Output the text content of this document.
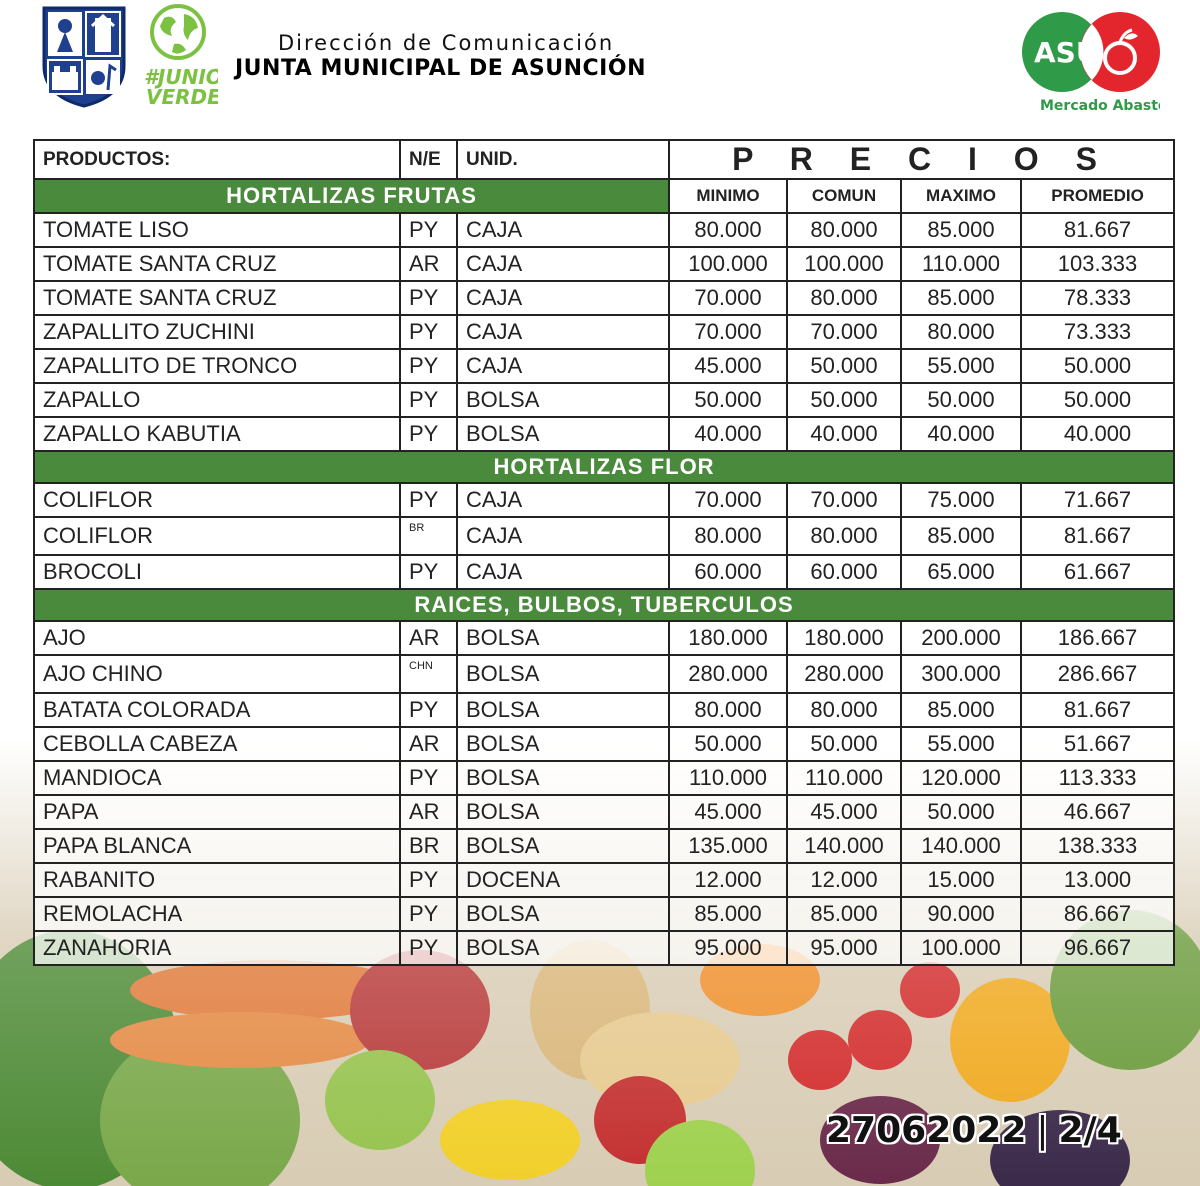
#JUNIO
VERDE
Dirección de Comunicación
JUNTA MUNICIPAL DE ASUNCIÓN	ASU
Mercado Abasto
PRODUCTOS:	N/E	UNID.	P R E C I O S			
HORTALIZAS FRUTAS			MINIMO	COMUN	MAXIMO	PROMEDIO
TOMATE LISO	PY	CAJA	80.000	80.000	85.000	81.667
TOMATE SANTA CRUZ	AR	CAJA	100.000	100.000	110.000	103.333
TOMATE SANTA CRUZ	PY	CAJA	70.000	80.000	85.000	78.333
ZAPALLITO ZUCHINI	PY	CAJA	70.000	70.000	80.000	73.333
ZAPALLITO DE TRONCO	PY	CAJA	45.000	50.000	55.000	50.000
ZAPALLO	PY	BOLSA	50.000	50.000	50.000	50.000
ZAPALLO KABUTIA	PY	BOLSA	40.000	40.000	40.000	40.000
HORTALIZAS FLOR						
COLIFLOR	PY	CAJA	70.000	70.000	75.000	71.667
COLIFLOR	BR	CAJA	80.000	80.000	85.000	81.667
BROCOLI	PY	CAJA	60.000	60.000	65.000	61.667
RAICES, BULBOS, TUBERCULOS						
AJO	AR	BOLSA	180.000	180.000	200.000	186.667
AJO CHINO	CHN	BOLSA	280.000	280.000	300.000	286.667
BATATA COLORADA	PY	BOLSA	80.000	80.000	85.000	81.667
CEBOLLA CABEZA	AR	BOLSA	50.000	50.000	55.000	51.667
MANDIOCA	PY	BOLSA	110.000	110.000	120.000	113.333
PAPA	AR	BOLSA	45.000	45.000	50.000	46.667
PAPA BLANCA	BR	BOLSA	135.000	140.000	140.000	138.333
RABANITO	PY	DOCENA	12.000	12.000	15.000	13.000
REMOLACHA	PY	BOLSA	85.000	85.000	90.000	86.667
ZANAHORIA	PY	BOLSA	95.000	95.000	100.000	96.667
27062022 | 2/4
